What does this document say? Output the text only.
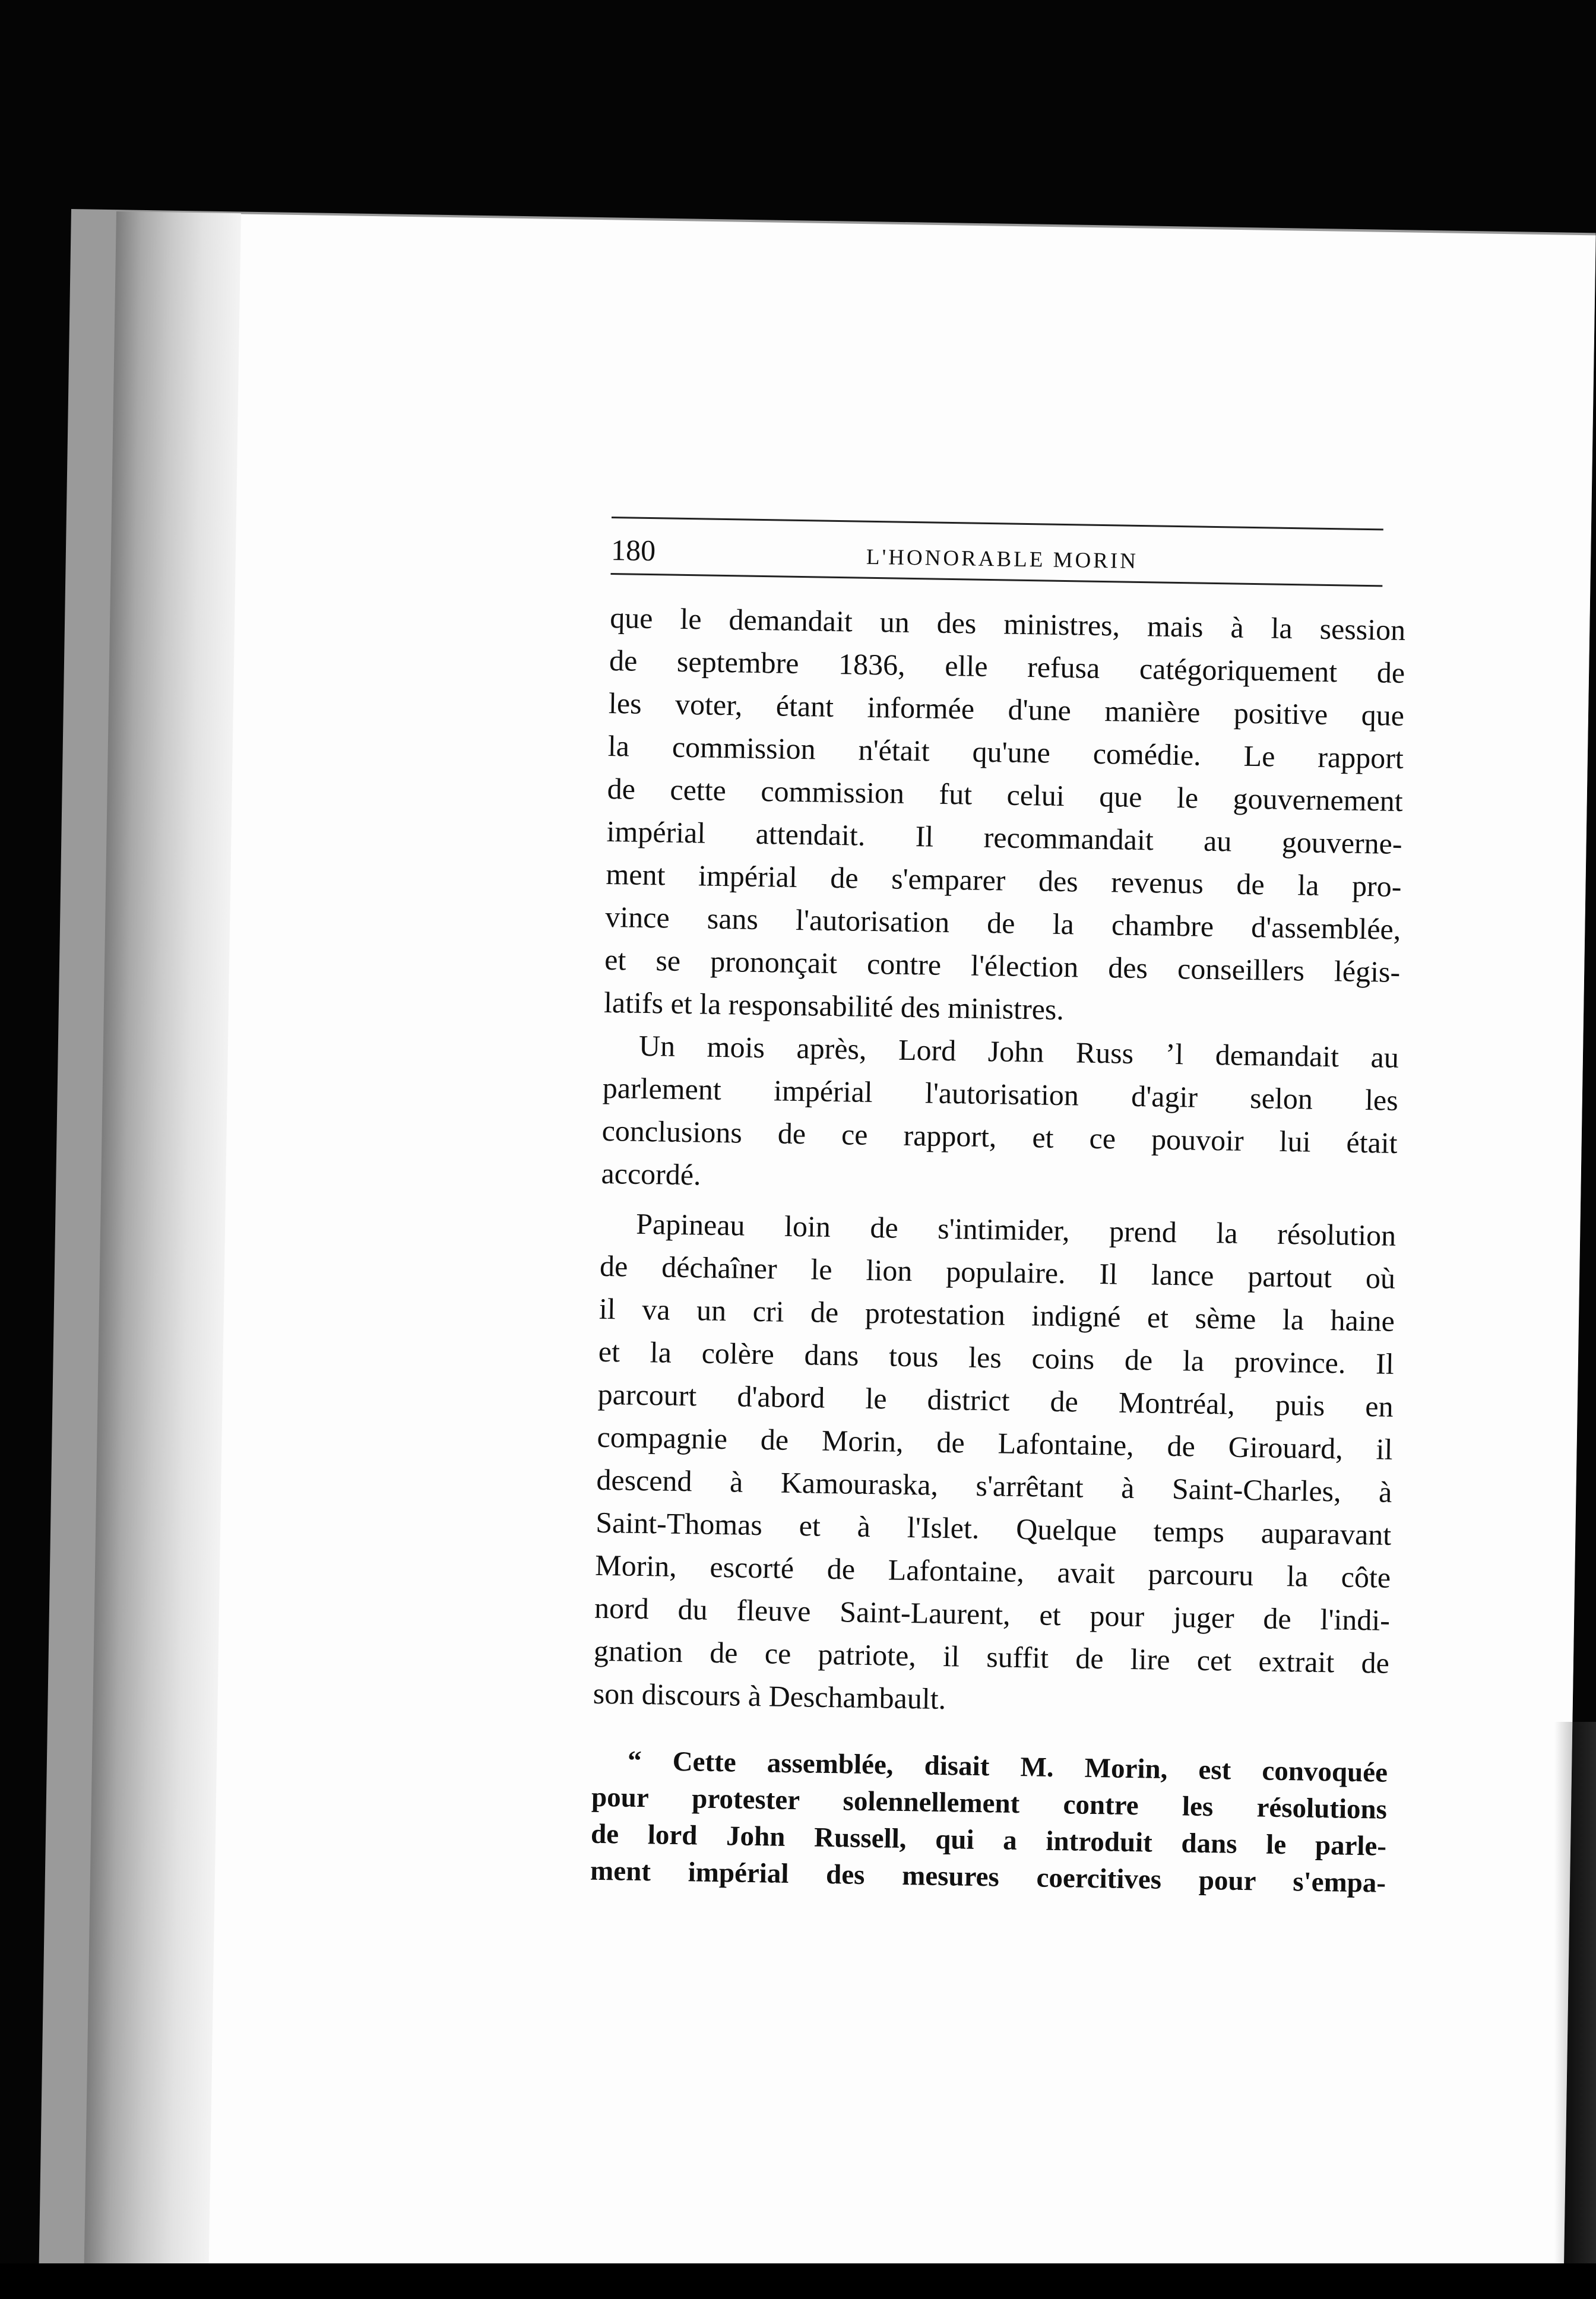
180	L'HONORABLE MORIN

que le demandait un des ministres, mais à la session
de septembre 1836, elle refusa catégoriquement de
les voter, étant informée d'une manière positive que
la commission n'était qu'une comédie. Le rapport
de cette commission fut celui que le gouvernement
impérial attendait. Il recommandait au gouverne-
ment impérial de s'emparer des revenus de la pro-
vince sans l'autorisation de la chambre d'assemblée,
et se prononçait contre l'élection des conseillers légis-
latifs et la responsabilité des ministres.

Un mois après, Lord John Russ ’l demandait au
parlement impérial l'autorisation d'agir selon les
conclusions de ce rapport, et ce pouvoir lui était
accordé.

Papineau loin de s'intimider, prend la résolution
de déchaîner le lion populaire. Il lance partout où
il va un cri de protestation indigné et sème la haine
et la colère dans tous les coins de la province. Il
parcourt d'abord le district de Montréal, puis en
compagnie de Morin, de Lafontaine, de Girouard, il
descend à Kamouraska, s'arrêtant à Saint-Charles, à
Saint-Thomas et à l'Islet. Quelque temps auparavant
Morin, escorté de Lafontaine, avait parcouru la côte
nord du fleuve Saint-Laurent, et pour juger de l'indi-
gnation de ce patriote, il suffit de lire cet extrait de
son discours à Deschambault.

“ Cette assemblée, disait M. Morin, est convoquée
pour protester solennellement contre les résolutions
de lord John Russell, qui a introduit dans le parle-
ment impérial des mesures coercitives pour s'empa-
